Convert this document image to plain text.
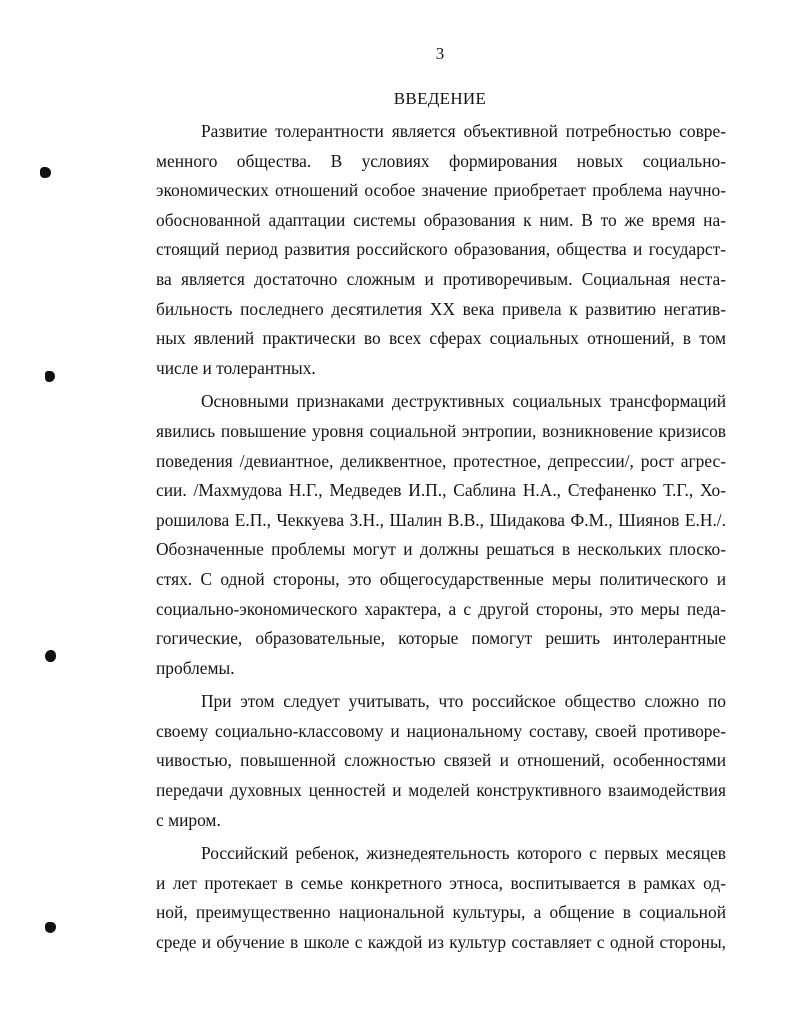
3
ВВЕДЕНИЕ
Развитие толерантности является объективной потребностью совре-
менного общества. В условиях формирования новых социально-
экономических отношений особое значение приобретает проблема научно-
обоснованной адаптации системы образования к ним. В то же время на-
стоящий период развития российского образования, общества и государст-
ва является достаточно сложным и противоречивым. Социальная неста-
бильность последнего десятилетия XX века привела к развитию негатив-
ных явлений практически во всех сферах социальных отношений, в том
числе и толерантных.
Основными признаками деструктивных социальных трансформаций
явились повышение уровня социальной энтропии, возникновение кризисов
поведения /девиантное, деликвентное, протестное, депрессии/, рост агрес-
сии. /Махмудова Н.Г., Медведев И.П., Саблина Н.А., Стефаненко Т.Г., Хо-
рошилова Е.П., Чеккуева З.Н., Шалин В.В., Шидакова Ф.М., Шиянов Е.Н./.
Обозначенные проблемы могут и должны решаться в нескольких плоско-
стях. С одной стороны, это общегосударственные меры политического и
социально-экономического характера, а с другой стороны, это меры педа-
гогические, образовательные, которые помогут решить интолерантные
проблемы.
При этом следует учитывать, что российское общество сложно по
своему социально-классовому и национальному составу, своей противоре-
чивостью, повышенной сложностью связей и отношений, особенностями
передачи духовных ценностей и моделей конструктивного взаимодействия
с миром.
Российский ребенок, жизнедеятельность которого с первых месяцев
и лет протекает в семье конкретного этноса, воспитывается в рамках од-
ной, преимущественно национальной культуры, а общение в социальной
среде и обучение в школе с каждой из культур составляет с одной стороны,
